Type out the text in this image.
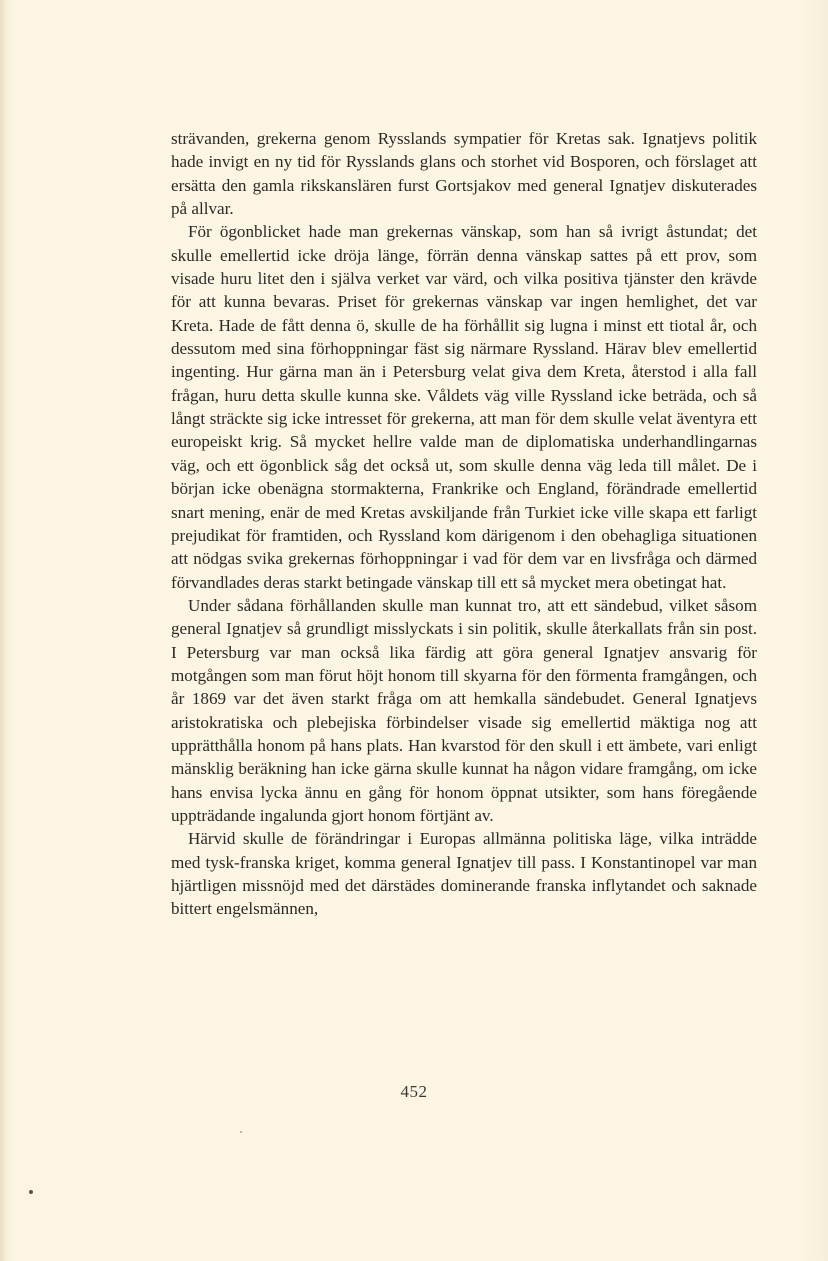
strävanden, grekerna genom Rysslands sympatier för Kretas sak. Ignatjevs politik hade invigt en ny tid för Rysslands glans och storhet vid Bosporen, och förslaget att ersätta den gamla rikskanslären furst Gortsjakov med general Ignatjev diskuterades på allvar.

För ögonblicket hade man grekernas vänskap, som han så ivrigt åstundat; det skulle emellertid icke dröja länge, förrän denna vänskap sattes på ett prov, som visade huru litet den i själva verket var värd, och vilka positiva tjänster den krävde för att kunna bevaras. Priset för grekernas vänskap var ingen hemlighet, det var Kreta. Hade de fått denna ö, skulle de ha förhållit sig lugna i minst ett tiotal år, och dessutom med sina förhoppningar fäst sig närmare Ryssland. Härav blev emellertid ingenting. Hur gärna man än i Petersburg velat giva dem Kreta, återstod i alla fall frågan, huru detta skulle kunna ske. Våldets väg ville Ryssland icke beträda, och så långt sträckte sig icke intresset för grekerna, att man för dem skulle velat äventyra ett europeiskt krig. Så mycket hellre valde man de diplomatiska underhandlingarnas väg, och ett ögonblick såg det också ut, som skulle denna väg leda till målet. De i början icke obenägna stormakterna, Frankrike och England, förändrade emellertid snart mening, enär de med Kretas avskiljande från Turkiet icke ville skapa ett farligt prejudikat för framtiden, och Ryssland kom därigenom i den obehagliga situationen att nödgas svika grekernas förhoppningar i vad för dem var en livsfråga och därmed förvandlades deras starkt betingade vänskap till ett så mycket mera obetingat hat.

Under sådana förhållanden skulle man kunnat tro, att ett sändebud, vilket såsom general Ignatjev så grundligt misslyckats i sin politik, skulle återkallats från sin post. I Petersburg var man också lika färdig att göra general Ignatjev ansvarig för motgången som man förut höjt honom till skyarna för den förmenta framgången, och år 1869 var det även starkt fråga om att hemkalla sändebudet. General Ignatjevs aristokratiska och plebejiska förbindelser visade sig emellertid mäktiga nog att upprätthålla honom på hans plats. Han kvarstod för den skull i ett ämbete, vari enligt mänsklig beräkning han icke gärna skulle kunnat ha någon vidare framgång, om icke hans envisa lycka ännu en gång för honom öppnat utsikter, som hans föregående uppträdande ingalunda gjort honom förtjänt av.

Härvid skulle de förändringar i Europas allmänna politiska läge, vilka inträdde med tysk-franska kriget, komma general Ignatjev till pass. I Konstantinopel var man hjärtligen missnöjd med det därstädes dominerande franska inflytandet och saknade bittert engelsmännen,

452
